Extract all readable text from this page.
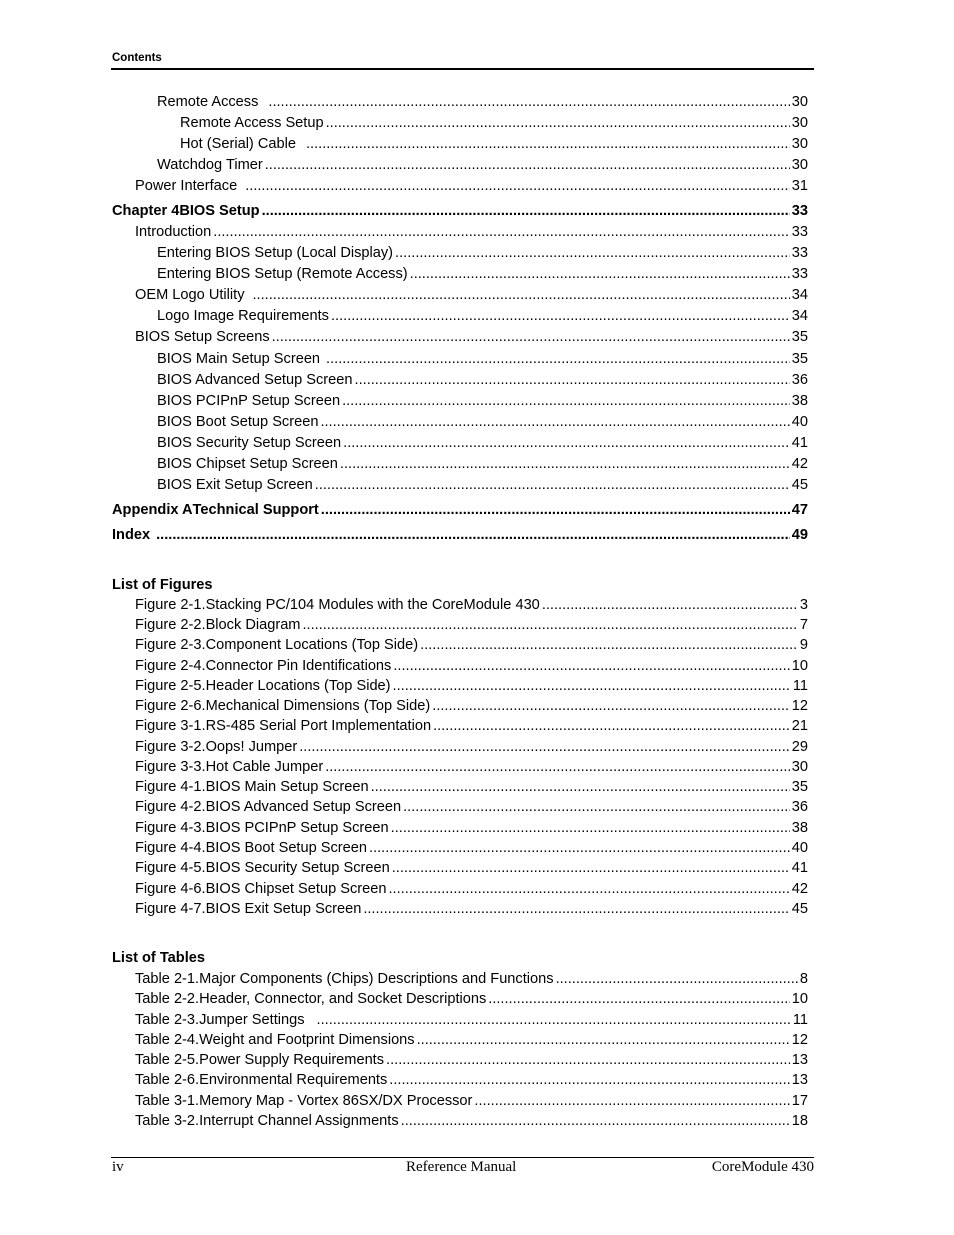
Contents
Remote Access .....	30
Remote Access Setup .....	30
Hot (Serial) Cable .....	30
Watchdog Timer .....	30
Power Interface .....	31
Chapter 4 BIOS Setup .....	33
Introduction .....	33
Entering BIOS Setup (Local Display) .....	33
Entering BIOS Setup (Remote Access) .....	33
OEM Logo Utility .....	34
Logo Image Requirements .....	34
BIOS Setup Screens .....	35
BIOS Main Setup Screen .....	35
BIOS Advanced Setup Screen .....	36
BIOS PCIPnP Setup Screen .....	38
BIOS Boot Setup Screen .....	40
BIOS Security Setup Screen .....	41
BIOS Chipset Setup Screen .....	42
BIOS Exit Setup Screen .....	45
Appendix A Technical Support .....	47
Index .....	49
List of Figures
Figure 2-1. Stacking PC/104 Modules with the CoreModule 430 .....	3
Figure 2-2. Block Diagram .....	7
Figure 2-3. Component Locations (Top Side) .....	9
Figure 2-4. Connector Pin Identifications .....	10
Figure 2-5. Header Locations (Top Side) .....	11
Figure 2-6. Mechanical Dimensions (Top Side) .....	12
Figure 3-1. RS-485 Serial Port Implementation .....	21
Figure 3-2. Oops! Jumper .....	29
Figure 3-3. Hot Cable Jumper .....	30
Figure 4-1. BIOS Main Setup Screen .....	35
Figure 4-2. BIOS Advanced Setup Screen .....	36
Figure 4-3. BIOS PCIPnP Setup Screen .....	38
Figure 4-4. BIOS Boot Setup Screen .....	40
Figure 4-5. BIOS Security Setup Screen .....	41
Figure 4-6. BIOS Chipset Setup Screen .....	42
Figure 4-7. BIOS Exit Setup Screen .....	45
List of Tables
Table 2-1. Major Components (Chips) Descriptions and Functions .....	8
Table 2-2. Header, Connector, and Socket Descriptions .....	10
Table 2-3. Jumper Settings .....	11
Table 2-4. Weight and Footprint Dimensions .....	12
Table 2-5. Power Supply Requirements .....	13
Table 2-6. Environmental Requirements .....	13
Table 3-1. Memory Map - Vortex 86SX/DX Processor .....	17
Table 3-2. Interrupt Channel Assignments .....	18
iv	Reference Manual	CoreModule 430
